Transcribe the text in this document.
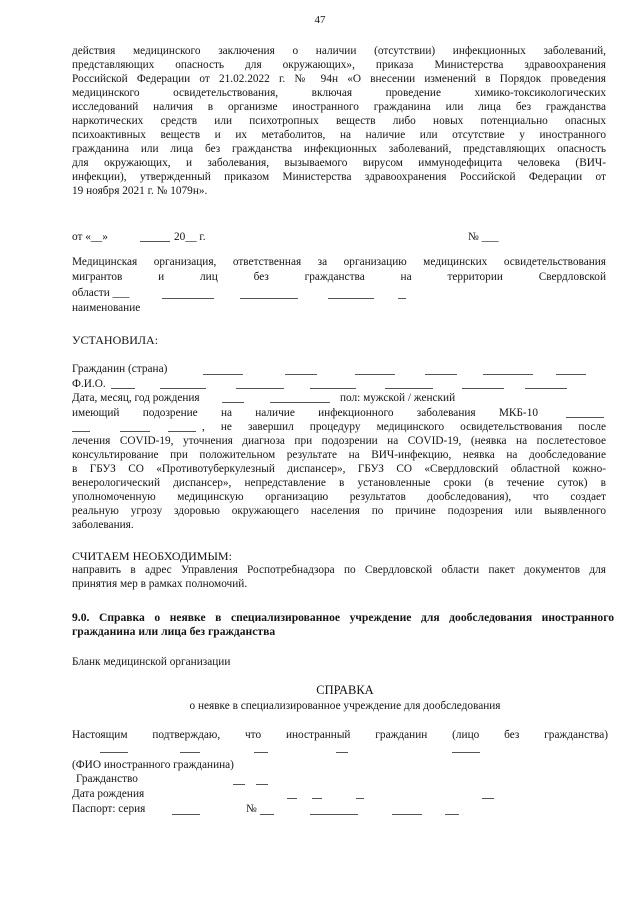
47
действия медицинского заключения о наличии (отсутствии) инфекционных заболеваний,
представляющих опасность для окружающих», приказа Министерства здравоохранения
Российской Федерации от 21.02.2022 г. № 94н «О внесении изменений в Порядок проведения
медицинского освидетельствования, включая проведение химико-токсикологических
исследований наличия в организме иностранного гражданина или лица без гражданства
наркотических средств или психотропных веществ либо новых потенциально опасных
психоактивных веществ и их метаболитов, на наличие или отсутствие у иностранного
гражданина или лица без гражданства инфекционных заболеваний, представляющих опасность
для окружающих, и заболевания, вызываемого вирусом иммунодефицита человека (ВИЧ-
инфекции), утвержденный приказом Министерства здравоохранения Российской Федерации от
19 ноября 2021 г. № 1079н».
от «__»	20__ г.	№ ___
Медицинская организация, ответственная за организацию медицинских освидетельствования
мигрантов и лиц без гражданства на территории Свердловской
области ___
наименование
УСТАНОВИЛА:
Гражданин (страна)
Ф.И.О.
Дата, месяц, год рождения	пол: мужской / женский
имеющий подозрение на наличие инфекционного заболевания МКБ-10
, не завершил процедуру медицинского освидетельствования после
лечения COVID-19, уточнения диагноза при подозрении на COVID-19, (неявка на послетестовое
консультирование при положительном результате на ВИЧ-инфекцию, неявка на дообследование
в ГБУЗ СО «Противотуберкулезный диспансер», ГБУЗ СО «Свердловский областной кожно-
венерологический диспансер», непредставление в установленные сроки (в течение суток) в
уполномоченную медицинскую организацию результатов дообследования), что создает
реальную угрозу здоровью окружающего населения по причине подозрения или выявленного
заболевания.
СЧИТАЕМ НЕОБХОДИМЫМ:
направить в адрес Управления Роспотребнадзора по Свердловской области пакет документов для
принятия мер в рамках полномочий.
9.0. Справка о неявке в специализированное учреждение для дообследования иностранного
гражданина или лица без гражданства
Бланк медицинской организации
СПРАВКА
о неявке в специализированное учреждение для дообследования
Настоящим подтверждаю, что иностранный гражданин (лицо без гражданства)
(ФИО иностранного гражданина)
Гражданство
Дата рождения
Паспорт: серия	№
